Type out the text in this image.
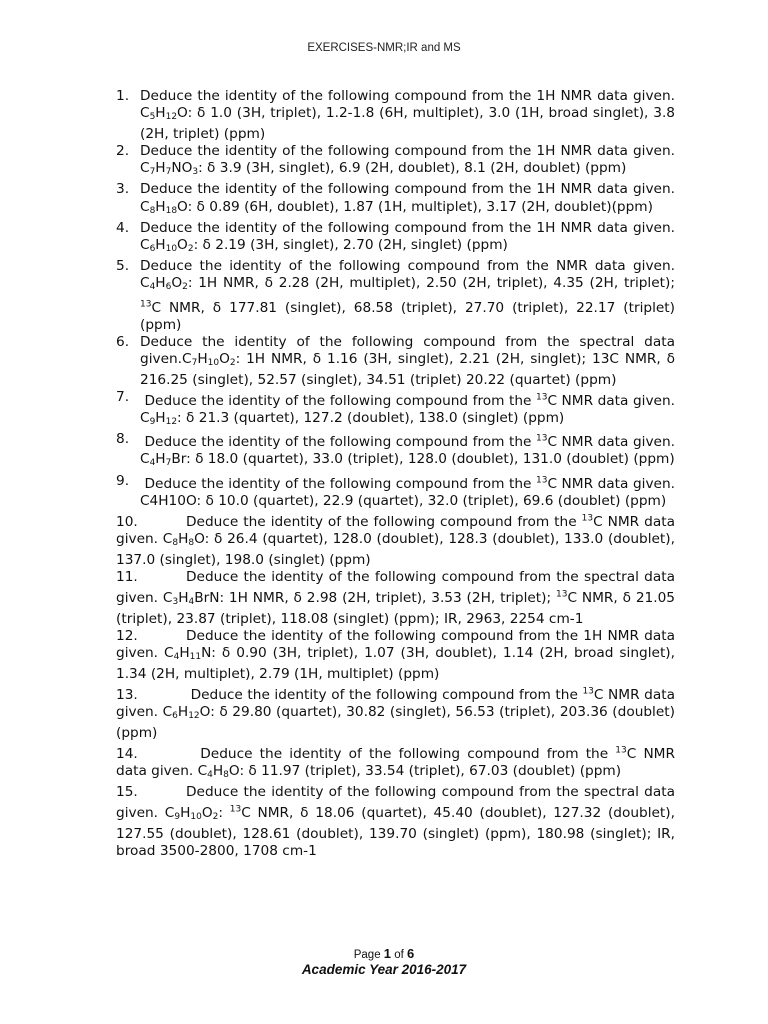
EXERCISES-NMR;IR and MS
1. Deduce the identity of the following compound from the 1H NMR data given. $C_5H_{12}O$: δ 1.0 (3H, triplet), 1.2-1.8 (6H, multiplet), 3.0 (1H, broad singlet), 3.8 (2H, triplet) (ppm)
2. Deduce the identity of the following compound from the 1H NMR data given. $C_7H_7NO_3$: δ 3.9 (3H, singlet), 6.9 (2H, doublet), 8.1 (2H, doublet) (ppm)
3. Deduce the identity of the following compound from the 1H NMR data given. $C_8H_{18}O$: δ 0.89 (6H, doublet), 1.87 (1H, multiplet), 3.17 (2H, doublet)(ppm)
4. Deduce the identity of the following compound from the 1H NMR data given. $C_6H_{10}O_2$: δ 2.19 (3H, singlet), 2.70 (2H, singlet) (ppm)
5. Deduce the identity of the following compound from the NMR data given. $C_4H_6O_2$: 1H NMR, δ 2.28 (2H, multiplet), 2.50 (2H, triplet), 4.35 (2H, triplet); $^{13}$C NMR, δ 177.81 (singlet), 68.58 (triplet), 27.70 (triplet), 22.17 (triplet) (ppm)
6. Deduce the identity of the following compound from the spectral data $given.C_7H_{10}O_2$: 1H NMR, δ 1.16 (3H, singlet), 2.21 (2H, singlet); 13C NMR, δ 216.25 (singlet), 52.57 (singlet), 34.51 (triplet) 20.22 (quartet) (ppm)
7. Deduce the identity of the following compound from the $^{13}$C NMR data given.  $C_9H_{12}$: δ 21.3 (quartet), 127.2 (doublet), 138.0 (singlet) (ppm)
8. Deduce the identity of the following compound from the $^{13}$C NMR data given. $C_4H_7Br$: δ 18.0 (quartet), 33.0 (triplet), 128.0 (doublet), 131.0 (doublet) (ppm)
9. Deduce the identity of the following compound from the $^{13}$C NMR data given. C4H10O: δ 10.0 (quartet), 22.9 (quartet), 32.0 (triplet), 69.6 (doublet) (ppm)
10.	Deduce the identity of the following compound from the $^{13}$C NMR data given. $C_8H_8O$: δ 26.4 (quartet), 128.0 (doublet), 128.3 (doublet), 133.0 (doublet), 137.0 (singlet), 198.0 (singlet) (ppm)
11.	Deduce the identity of the following compound from the spectral data given. $C_3H_4BrN$: 1H NMR, δ 2.98 (2H, triplet), 3.53 (2H, triplet); $^{13}$C NMR, δ 21.05 (triplet), 23.87 (triplet), 118.08 (singlet) (ppm); IR, 2963, 2254 cm-1
12.	Deduce the identity of the following compound from the 1H NMR data given. $C_4H_{11}N$: δ 0.90 (3H, triplet), 1.07 (3H, doublet), 1.14 (2H, broad singlet), 1.34 (2H, multiplet), 2.79 (1H, multiplet) (ppm)
13.	Deduce the identity of the following compound from the $^{13}$C NMR data given. $C_6H_{12}O$: δ 29.80 (quartet), 30.82 (singlet), 56.53 (triplet), 203.36 (doublet) (ppm)
14.	Deduce the identity of the following compound from the $^{13}$C NMR data given. $C_4H_8O$: δ 11.97 (triplet), 33.54 (triplet), 67.03 (doublet) (ppm)
15.	Deduce the identity of the following compound from the spectral data given. $C_9H_{10}O_2$: $^{13}$C NMR, δ 18.06 (quartet), 45.40 (doublet), 127.32 (doublet), 127.55 (doublet), 128.61 (doublet), 139.70 (singlet) (ppm), 180.98 (singlet); IR, broad 3500-2800, 1708 cm-1
Page 1 of 6
Academic Year 2016-2017
